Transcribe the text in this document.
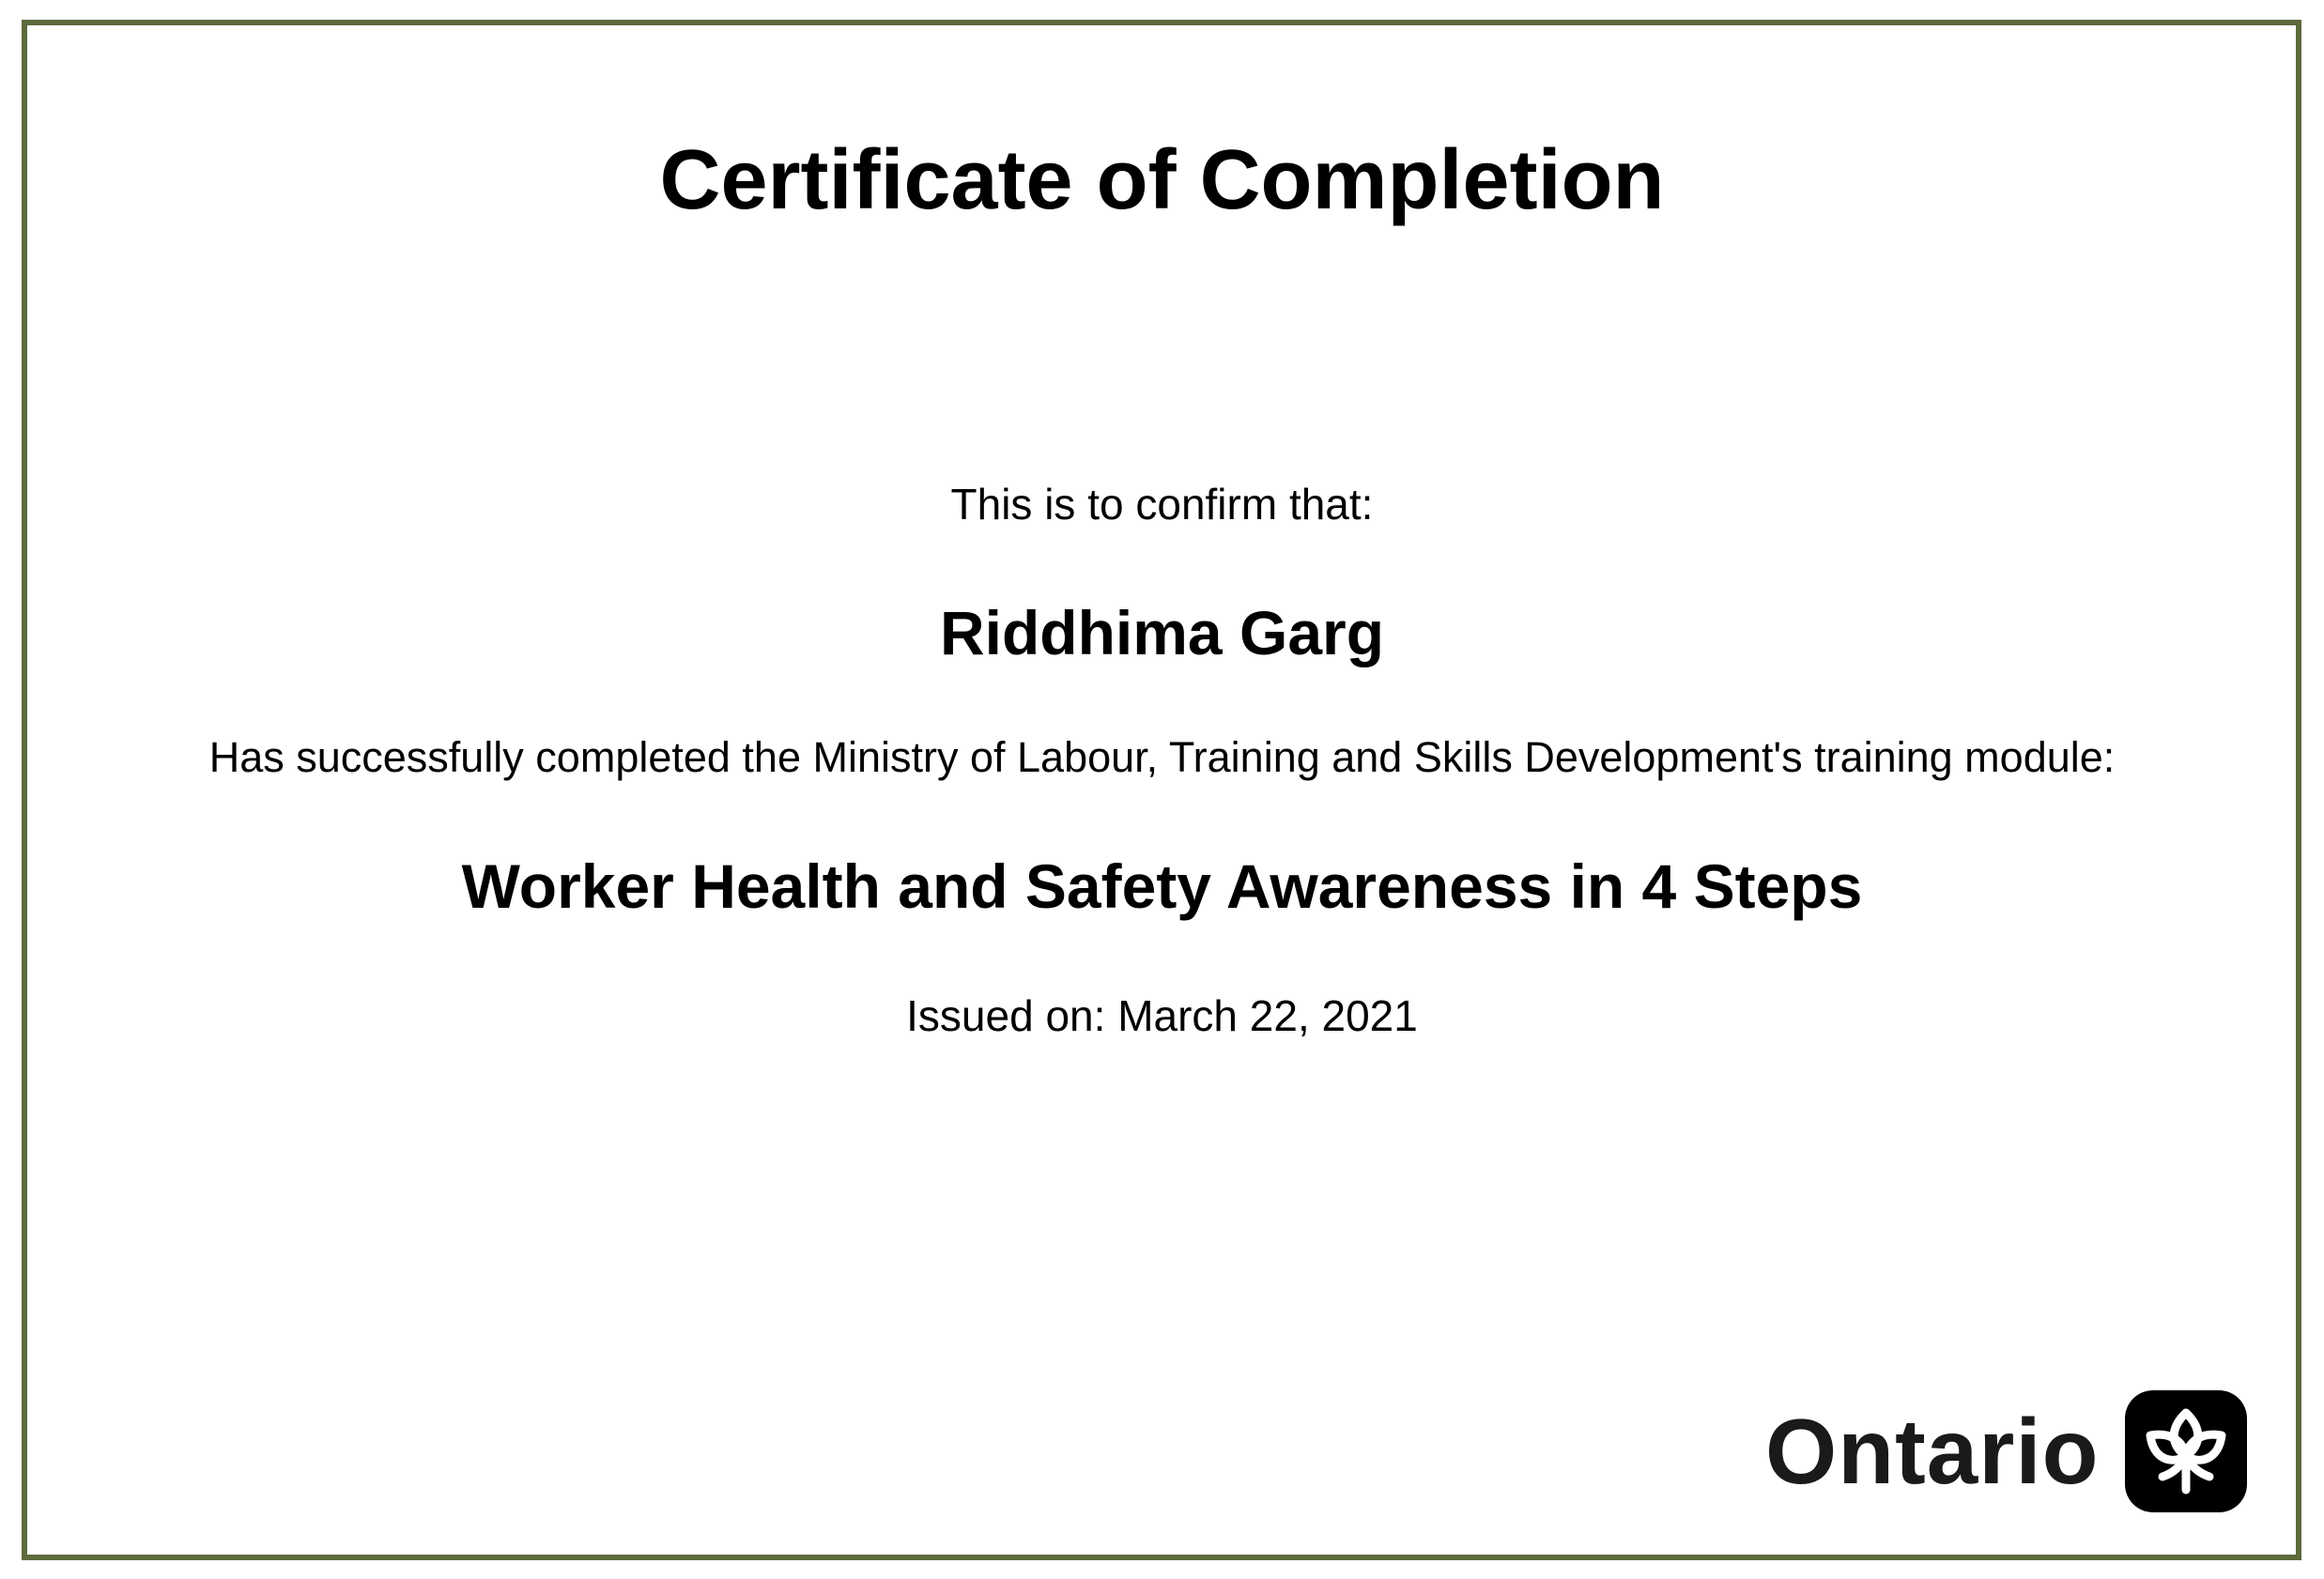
Certificate of Completion
This is to confirm that:
Riddhima Garg
Has successfully completed the Ministry of Labour, Training and Skills Development's training module:
Worker Health and Safety Awareness in 4 Steps
Issued on: March 22, 2021
Ontario
